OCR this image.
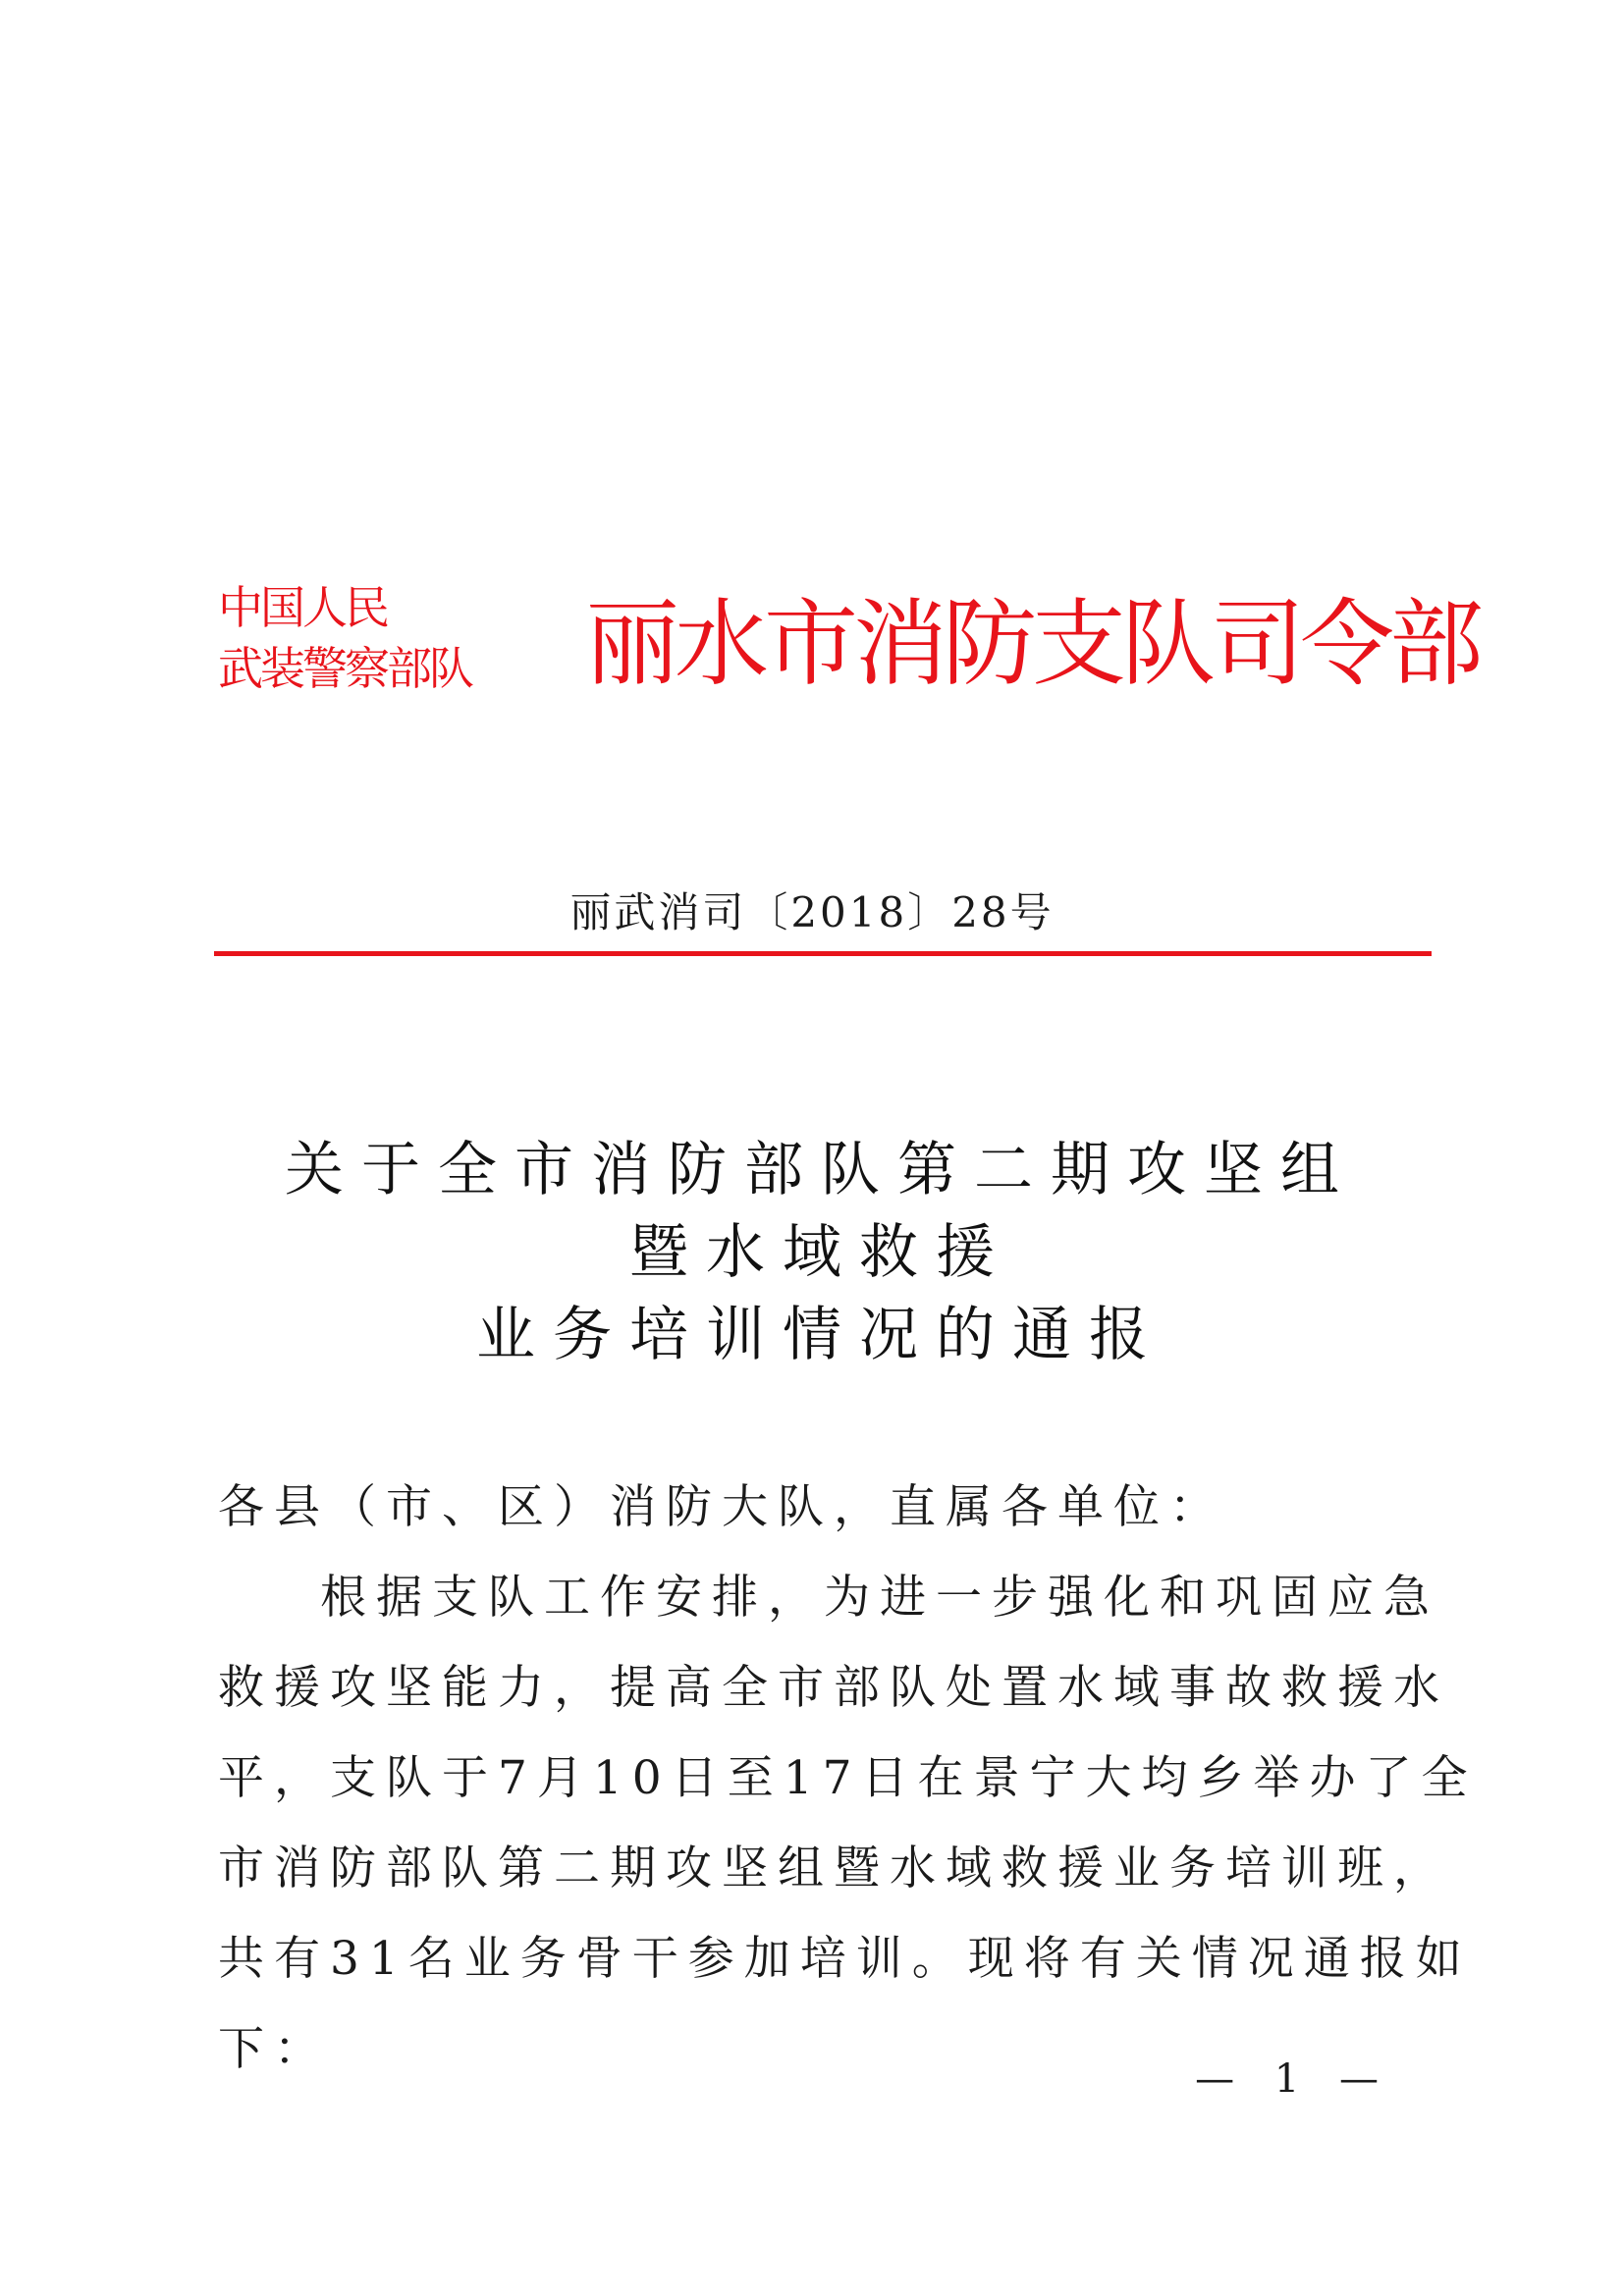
中国人民
武装警察部队 丽水市消防支队司令部
丽武消司〔2018〕28号
关于全市消防部队第二期攻坚组
暨水域救援
业务培训情况的通报
各县（市、区）消防大队，直属各单位：
根据支队工作安排，为进一步强化和巩固应急
救援攻坚能力，提高全市部队处置水域事故救援水
平，支队于7月10日至17日在景宁大均乡举办了全
市消防部队第二期攻坚组暨水域救援业务培训班，
共有31名业务骨干参加培训。现将有关情况通报如
下：
— 1 —
